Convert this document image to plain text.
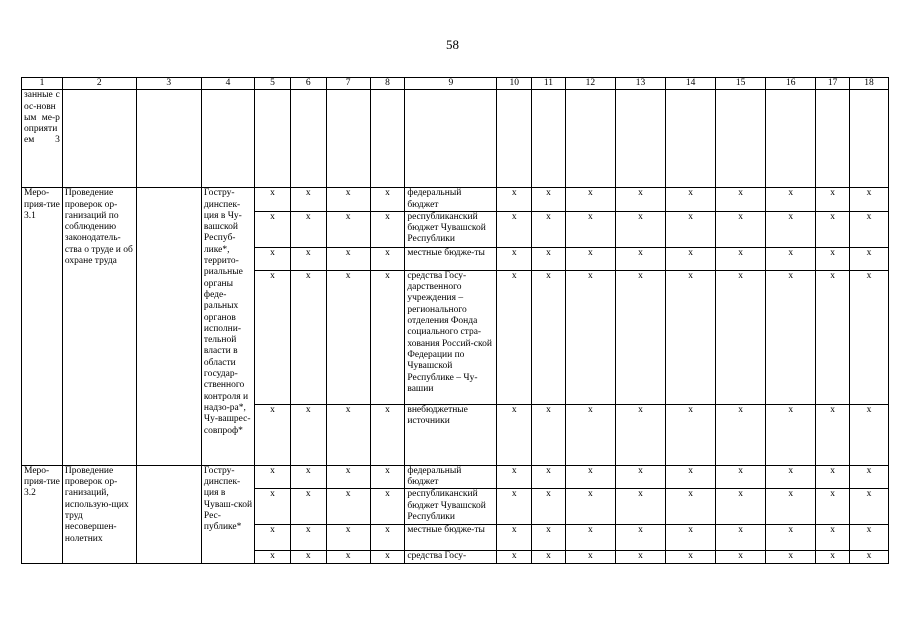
58
1	2	3	4	5	6	7	8	9	10	11	12	13	14	15	16	17	18
занные с ос-новным ме-роприятием 3																	
Меро-прия-тие 3.1	Проведение проверок ор-ганизаций по соблюдению законодатель-ства о труде и об охране труда		Гостру-динспек-ция в Чу-вашской Респуб-лике*, террито-риальные органы феде-ральных органов исполни-тельной власти в области государ-ственного контроля и надзо-ра*, Чу-вашрес-совпроф*	х	х	х	х	федеральный бюджет	х	х	х	х	х	х	х	х	х
				х	х	х	х	республиканский бюджет Чувашской Республики	х	х	х	х	х	х	х	х	х
				х	х	х	х	местные бюдже-ты	х	х	х	х	х	х	х	х	х
				х	х	х	х	средства Госу-дарственного учреждения – регионального отделения Фонда социального стра-хования Россий-ской Федерации по Чувашской Республике – Чу-вашии	х	х	х	х	х	х	х	х	х
				х	х	х	х	внебюджетные источники	х	х	х	х	х	х	х	х	х
Меро-прия-тие 3.2	Проведение проверок ор-ганизаций, использую-щих труд несовершен-нолетних		Гостру-динспек-ция в Чуваш-ской Рес-публике*	х	х	х	х	федеральный бюджет	х	х	х	х	х	х	х	х	х
				х	х	х	х	республиканский бюджет Чувашской Республики	х	х	х	х	х	х	х	х	х
				х	х	х	х	местные бюдже-ты	х	х	х	х	х	х	х	х	х
				х	х	х	х	средства Госу-	х	х	х	х	х	х	х	х	х
